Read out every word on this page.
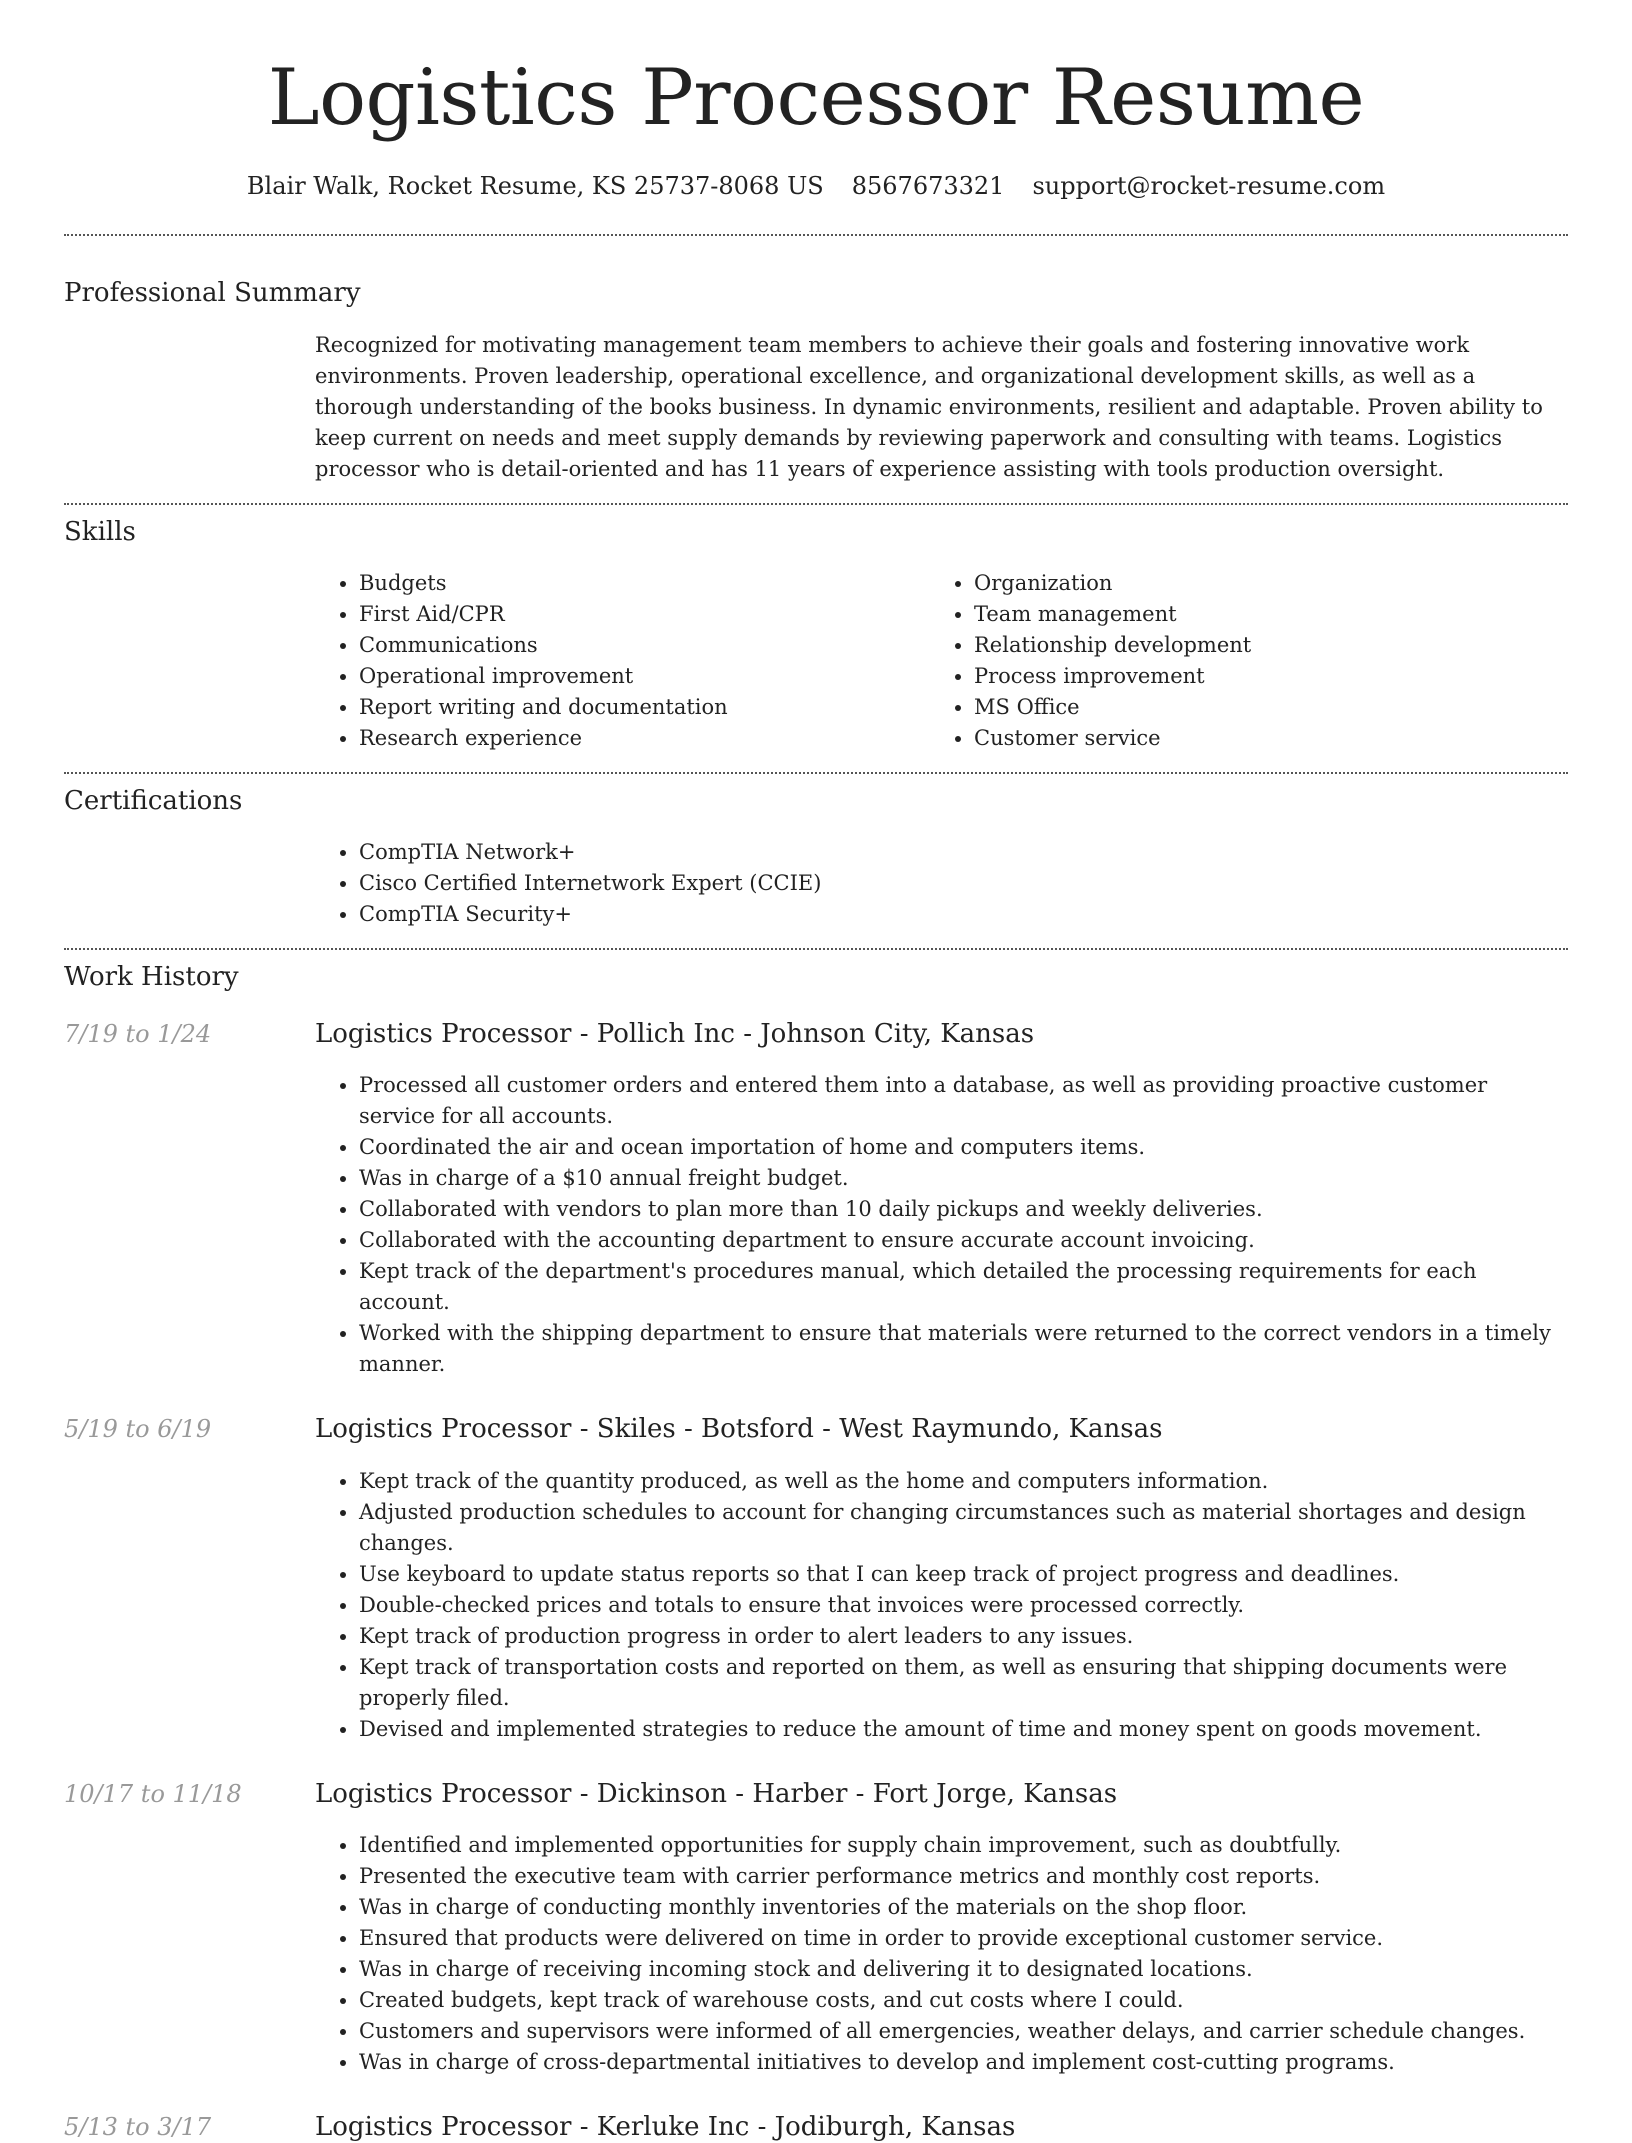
Logistics Processor Resume
Blair Walk, Rocket Resume, KS 25737-8068 US 8567673321 support@rocket-resume.com
Professional Summary

Recognized for motivating management team members to achieve their goals and fostering innovative work environments. Proven leadership, operational excellence, and organizational development skills, as well as a thorough understanding of the books business. In dynamic environments, resilient and adaptable. Proven ability to keep current on needs and meet supply demands by reviewing paperwork and consulting with teams. Logistics processor who is detail-oriented and has 11 years of experience assisting with tools production oversight.

Skills
• Budgets
• First Aid/CPR
• Communications
• Operational improvement
• Report writing and documentation
• Research experience
• Organization
• Team management
• Relationship development
• Process improvement
• MS Office
• Customer service
Certifications
• CompTIA Network+
• Cisco Certified Internetwork Expert (CCIE)
• CompTIA Security+
Work History
7/19 to 1/24	Logistics Processor - Pollich Inc - Johnson City, Kansas
• Processed all customer orders and entered them into a database, as well as providing proactive customer service for all accounts.
• Coordinated the air and ocean importation of home and computers items.
• Was in charge of a $10 annual freight budget.
• Collaborated with vendors to plan more than 10 daily pickups and weekly deliveries.
• Collaborated with the accounting department to ensure accurate account invoicing.
• Kept track of the department's procedures manual, which detailed the processing requirements for each account.
• Worked with the shipping department to ensure that materials were returned to the correct vendors in a timely manner.
5/19 to 6/19	Logistics Processor - Skiles - Botsford - West Raymundo, Kansas
• Kept track of the quantity produced, as well as the home and computers information.
• Adjusted production schedules to account for changing circumstances such as material shortages and design changes.
• Use keyboard to update status reports so that I can keep track of project progress and deadlines.
• Double-checked prices and totals to ensure that invoices were processed correctly.
• Kept track of production progress in order to alert leaders to any issues.
• Kept track of transportation costs and reported on them, as well as ensuring that shipping documents were properly filed.
• Devised and implemented strategies to reduce the amount of time and money spent on goods movement.
10/17 to 11/18	Logistics Processor - Dickinson - Harber - Fort Jorge, Kansas
• Identified and implemented opportunities for supply chain improvement, such as doubtfully.
• Presented the executive team with carrier performance metrics and monthly cost reports.
• Was in charge of conducting monthly inventories of the materials on the shop floor.
• Ensured that products were delivered on time in order to provide exceptional customer service.
• Was in charge of receiving incoming stock and delivering it to designated locations.
• Created budgets, kept track of warehouse costs, and cut costs where I could.
• Customers and supervisors were informed of all emergencies, weather delays, and carrier schedule changes.
• Was in charge of cross-departmental initiatives to develop and implement cost-cutting programs.
5/13 to 3/17	Logistics Processor - Kerluke Inc - Jodiburgh, Kansas
